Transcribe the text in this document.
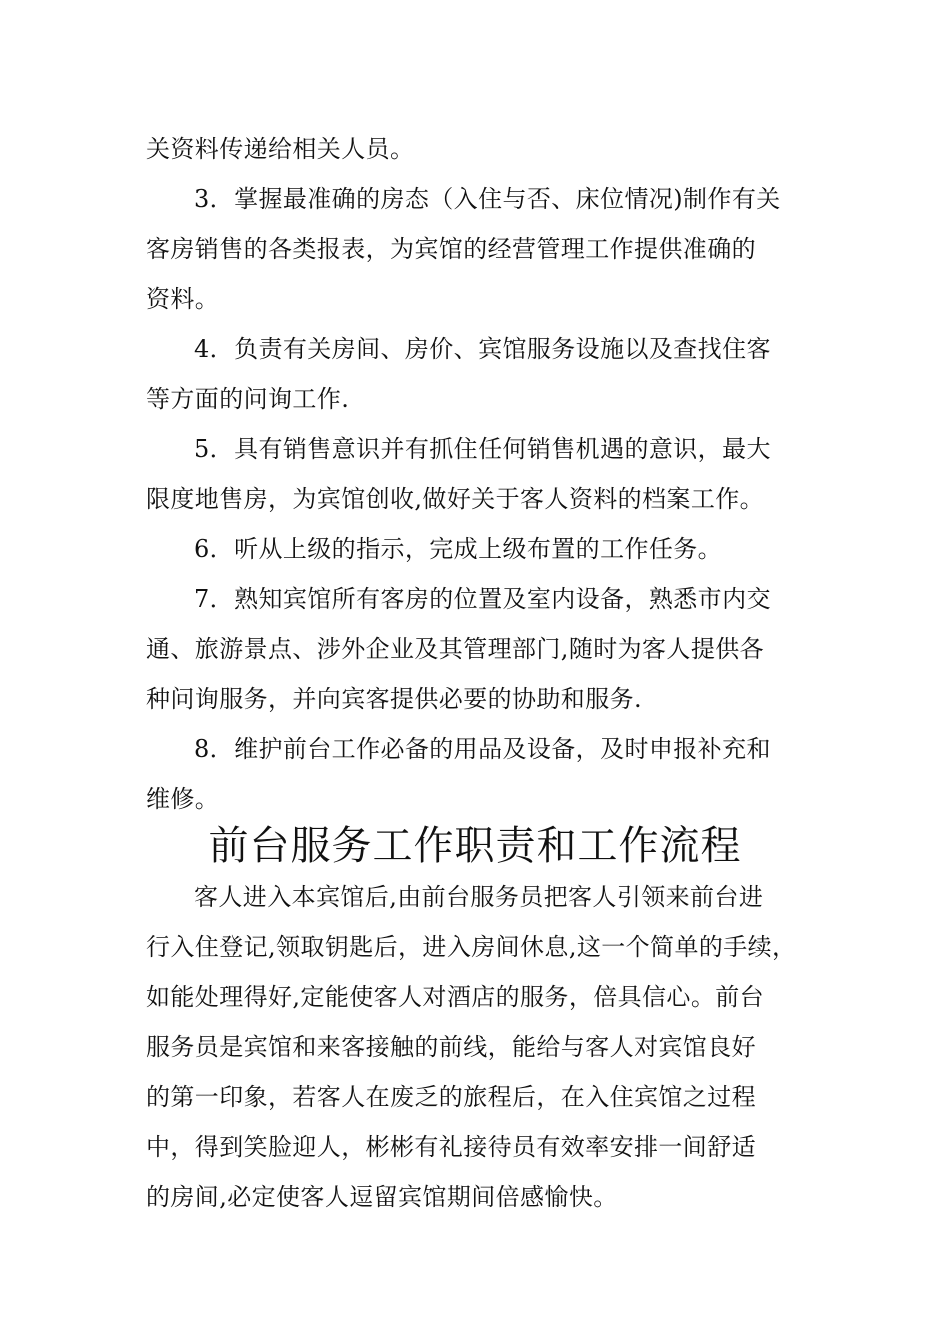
关资料传递给相关人员。
3．掌握最准确的房态（入住与否、床位情况)制作有关
客房销售的各类报表，为宾馆的经营管理工作提供准确的
资料。
4．负责有关房间、房价、宾馆服务设施以及查找住客
等方面的问询工作.
5．具有销售意识并有抓住任何销售机遇的意识，最大
限度地售房，为宾馆创收,做好关于客人资料的档案工作。
6．听从上级的指示，完成上级布置的工作任务。
7．熟知宾馆所有客房的位置及室内设备，熟悉市内交
通、旅游景点、涉外企业及其管理部门,随时为客人提供各
种问询服务，并向宾客提供必要的协助和服务.
8．维护前台工作必备的用品及设备，及时申报补充和
维修。
前台服务工作职责和工作流程
客人进入本宾馆后,由前台服务员把客人引领来前台进
行入住登记,领取钥匙后，进入房间休息,这一个简单的手续，
如能处理得好,定能使客人对酒店的服务，倍具信心。前台
服务员是宾馆和来客接触的前线，能给与客人对宾馆良好
的第一印象，若客人在废乏的旅程后，在入住宾馆之过程
中，得到笑脸迎人，彬彬有礼接待员有效率安排一间舒适
的房间,必定使客人逗留宾馆期间倍感愉快。
